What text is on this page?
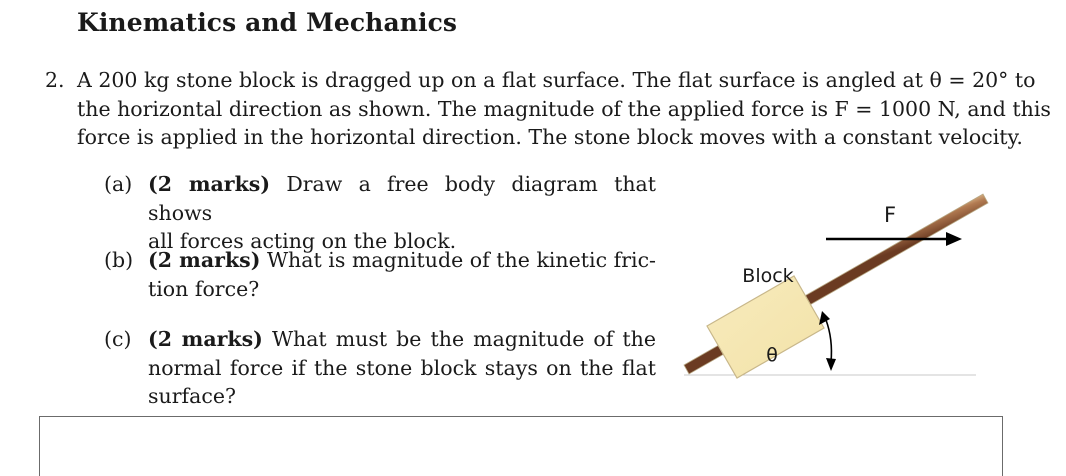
Kinematics and Mechanics
2. A 200 kg stone block is dragged up on a flat surface. The flat surface is angled at θ = 20° to
the horizontal direction as shown. The magnitude of the applied force is F = 1000 N, and this
force is applied in the horizontal direction. The stone block moves with a constant velocity.
(a) (2 marks) Draw a free body diagram that shows
all forces acting on the block.
(b) (2 marks) What is magnitude of the kinetic fric-
tion force?
(c) (2 marks) What must be the magnitude of the
normal force if the stone block stays on the flat
surface?
Block
F
θ
